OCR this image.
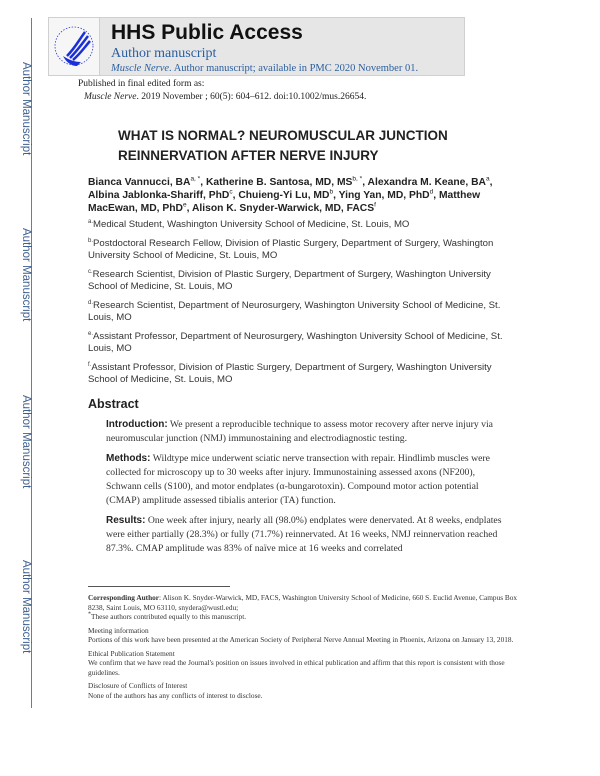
Author Manuscript
Author Manuscript
Author Manuscript
Author Manuscript
HHS Public Access
Author manuscript
Muscle Nerve. Author manuscript; available in PMC 2020 November 01.
Published in final edited form as:
Muscle Nerve. 2019 November ; 60(5): 604–612. doi:10.1002/mus.26654.
WHAT IS NORMAL? NEUROMUSCULAR JUNCTION REINNERVATION AFTER NERVE INJURY
Bianca Vannucci, $BA^{a, *}$, Katherine B. Santosa, MD, $MS^{b, *}$, Alexandra M. Keane, $BA^a$, Albina Jablonka-Shariff, PhD$^c$, Chuieng-Yi Lu, $MD^b$, Ying Yan, MD, PhD$^d$, Matthew MacEwan, MD, PhD$^e$, Alison K. Snyder-Warwick, MD, FACS$^f$
$^{a.}$Medical Student, Washington University School of Medicine, St. Louis, MO
$^{b.}$Postdoctoral Research Fellow, Division of Plastic Surgery, Department of Surgery, Washington University School of Medicine, St. Louis, MO
$^{c.}$Research Scientist, Division of Plastic Surgery, Department of Surgery, Washington University School of Medicine, St. Louis, MO
$^{d.}$Research Scientist, Department of Neurosurgery, Washington University School of Medicine, St. Louis, MO
$^{e.}$Assistant Professor, Department of Neurosurgery, Washington University School of Medicine, St. Louis, MO
$^{f.}$Assistant Professor, Division of Plastic Surgery, Department of Surgery, Washington University School of Medicine, St. Louis, MO
Abstract
Introduction: We present a reproducible technique to assess motor recovery after nerve injury via neuromuscular junction (NMJ) immunostaining and electrodiagnostic testing.
Methods: Wildtype mice underwent sciatic nerve transection with repair. Hindlimb muscles were collected for microscopy up to 30 weeks after injury. Immunostaining assessed axons (NF200), Schwann cells (S100), and motor endplates (α-bungarotoxin). Compound motor action potential (CMAP) amplitude assessed tibialis anterior (TA) function.
Results: One week after injury, nearly all (98.0%) endplates were denervated. At 8 weeks, endplates were either partially (28.3%) or fully (71.7%) reinnervated. At 16 weeks, NMJ reinnervation reached 87.3%. CMAP amplitude was 83% of naïve mice at 16 weeks and correlated
Corresponding Author: Alison K. Snyder-Warwick, MD, FACS, Washington University School of Medicine, 660 S. Euclid Avenue, Campus Box 8238, Saint Louis, MO 63110, snydera@wustl.edu;
*These authors contributed equally to this manuscript.
Meeting information
Portions of this work have been presented at the American Society of Peripheral Nerve Annual Meeting in Phoenix, Arizona on January 13, 2018.
Ethical Publication Statement
We confirm that we have read the Journal's position on issues involved in ethical publication and affirm that this report is consistent with those guidelines.
Disclosure of Conflicts of Interest
None of the authors has any conflicts of interest to disclose.
